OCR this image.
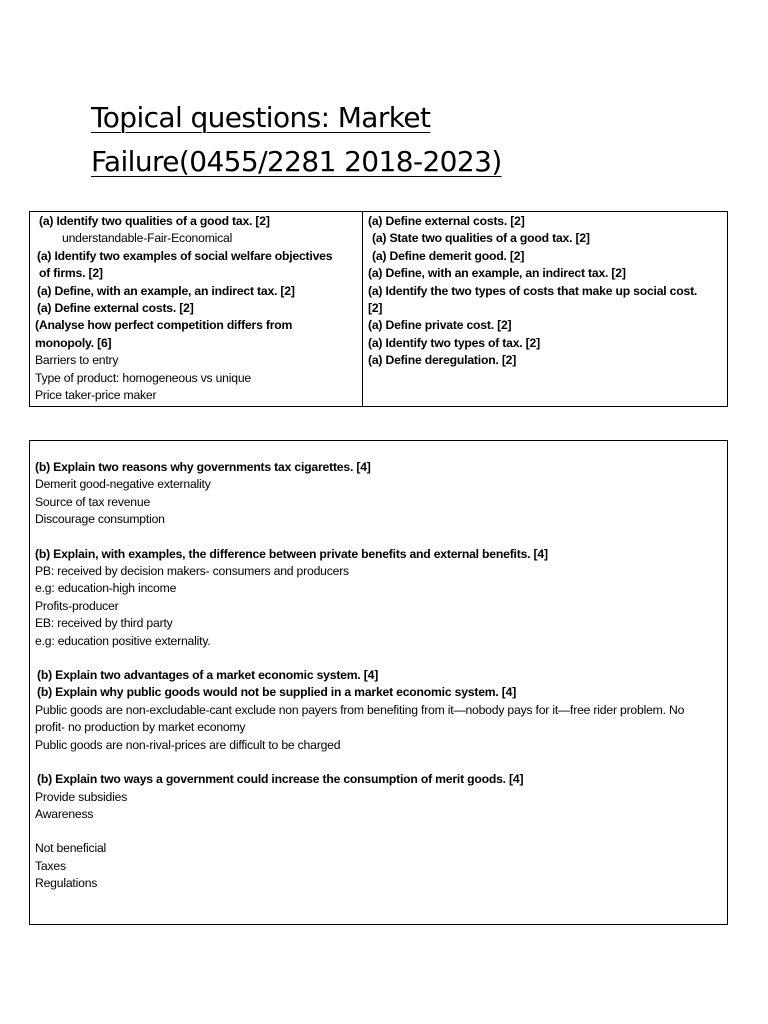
Topical questions: Market
Failure(0455/2281 2018-2023)
(a) Identify two qualities of a good tax. [2]
understandable-Fair-Economical
(a) Identify two examples of social welfare objectives
of firms. [2]
(a) Define, with an example, an indirect tax. [2]
(a) Define external costs. [2]
(Analyse how perfect competition differs from
monopoly. [6]
Barriers to entry
Type of product: homogeneous vs unique
Price taker-price maker
(a) Define external costs. [2]
(a) State two qualities of a good tax. [2]
(a) Define demerit good. [2]
(a) Define, with an example, an indirect tax. [2]
(a) Identify the two types of costs that make up social cost.
[2]
(a) Define private cost. [2]
(a) Identify two types of tax. [2]
(a) Define deregulation. [2]
(b) Explain two reasons why governments tax cigarettes. [4]
Demerit good-negative externality
Source of tax revenue
Discourage consumption
(b) Explain, with examples, the difference between private benefits and external benefits. [4]
PB: received by decision makers- consumers and producers
e.g: education-high income
Profits-producer
EB: received by third party
e.g: education positive externality.
(b) Explain two advantages of a market economic system. [4]
(b) Explain why public goods would not be supplied in a market economic system. [4]
Public goods are non-excludable-cant exclude non payers from benefiting from it—nobody pays for it—free rider problem. No profit- no production by market economy
Public goods are non-rival-prices are difficult to be charged
(b) Explain two ways a government could increase the consumption of merit goods. [4]
Provide subsidies
Awareness
Not beneficial
Taxes
Regulations
